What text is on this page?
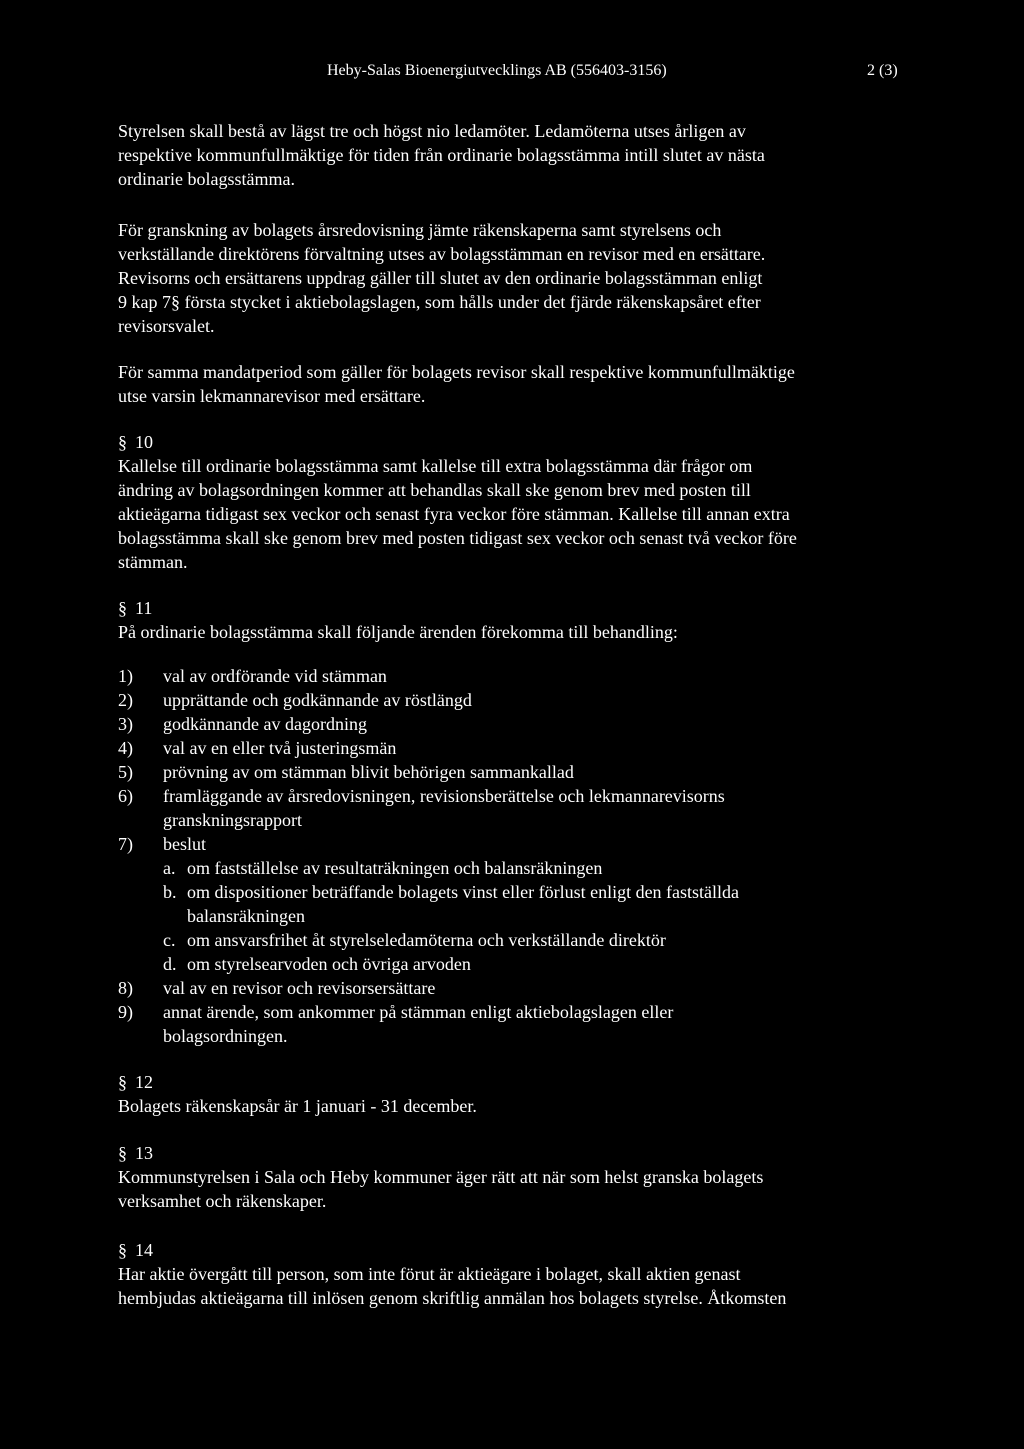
Heby-Salas Bioenergiutvecklings AB (556403-3156)	2 (3)

Styrelsen skall bestå av lägst tre och högst nio ledamöter. Ledamöterna utses årligen av

respektive kommunfullmäktige för tiden från ordinarie bolagsstämma intill slutet av nästa

ordinarie bolagsstämma.

För granskning av bolagets årsredovisning jämte räkenskaperna samt styrelsens och

verkställande direktörens förvaltning utses av bolagsstämman en revisor med en ersättare.

Revisorns och ersättarens uppdrag gäller till slutet av den ordinarie bolagsstämman enligt

9 kap 7§ första stycket i aktiebolagslagen, som hålls under det fjärde räkenskapsåret efter

revisorsvalet.

För samma mandatperiod som gäller för bolagets revisor skall respektive kommunfullmäktige

utse varsin lekmannarevisor med ersättare.

§ 10

Kallelse till ordinarie bolagsstämma samt kallelse till extra bolagsstämma där frågor om

ändring av bolagsordningen kommer att behandlas skall ske genom brev med posten till

aktieägarna tidigast sex veckor och senast fyra veckor före stämman. Kallelse till annan extra

bolagsstämma skall ske genom brev med posten tidigast sex veckor och senast två veckor före

stämman.

§ 11

På ordinarie bolagsstämma skall följande ärenden förekomma till behandling:

1) val av ordförande vid stämman
2) upprättande och godkännande av röstlängd
3) godkännande av dagordning
4) val av en eller två justeringsmän
5) prövning av om stämman blivit behörigen sammankallad
6) framläggande av årsredovisningen, revisionsberättelse och lekmannarevisorns
granskningsrapport
7) beslut
a. om fastställelse av resultaträkningen och balansräkningen
b. om dispositioner beträffande bolagets vinst eller förlust enligt den fastställda
balansräkningen
c. om ansvarsfrihet åt styrelseledamöterna och verkställande direktör
d. om styrelsearvoden och övriga arvoden
8) val av en revisor och revisorsersättare
9) annat ärende, som ankommer på stämman enligt aktiebolagslagen eller
bolagsordningen.

§ 12

Bolagets räkenskapsår är 1 januari - 31 december.

§ 13

Kommunstyrelsen i Sala och Heby kommuner äger rätt att när som helst granska bolagets

verksamhet och räkenskaper.

§ 14

Har aktie övergått till person, som inte förut är aktieägare i bolaget, skall aktien genast

hembjudas aktieägarna till inlösen genom skriftlig anmälan hos bolagets styrelse. Åtkomsten
